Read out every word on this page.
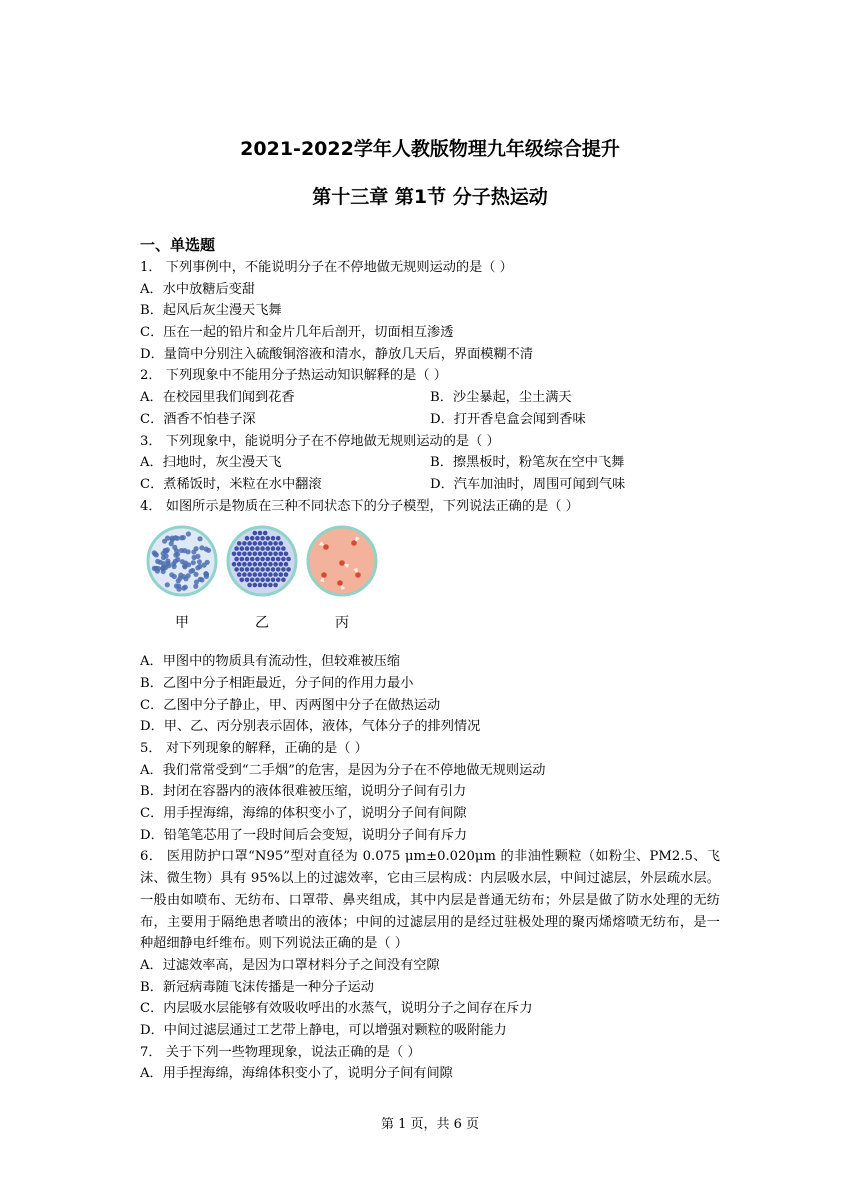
2021-2022学年人教版物理九年级综合提升
第十三章 第1节 分子热运动
一、单选题
1． 下列事例中，不能说明分子在不停地做无规则运动的是（ ）
A．水中放糖后变甜
B．起风后灰尘漫天飞舞
C．压在一起的铅片和金片几年后剖开，切面相互渗透
D．量筒中分别注入硫酸铜溶液和清水，静放几天后，界面模糊不清
2． 下列现象中不能用分子热运动知识解释的是（ ）
A．在校园里我们闻到花香	B．沙尘暴起，尘土满天
C．酒香不怕巷子深	D．打开香皂盒会闻到香味
3． 下列现象中，能说明分子在不停地做无规则运动的是（ ）
A．扫地时，灰尘漫天飞	B．擦黑板时，粉笔灰在空中飞舞
C．煮稀饭时，米粒在水中翻滚	D．汽车加油时，周围可闻到气味
4． 如图所示是物质在三种不同状态下的分子模型，下列说法正确的是（ ）
甲	乙	丙
A．甲图中的物质具有流动性，但较难被压缩
B．乙图中分子相距最近，分子间的作用力最小
C．乙图中分子静止，甲、丙两图中分子在做热运动
D．甲、乙、丙分别表示固体，液体，气体分子的排列情况
5． 对下列现象的解释，正确的是（ ）
A．我们常常受到“二手烟”的危害，是因为分子在不停地做无规则运动
B．封闭在容器内的液体很难被压缩，说明分子间有引力
C．用手捏海绵，海绵的体积变小了，说明分子间有间隙
D．铅笔笔芯用了一段时间后会变短，说明分子间有斥力
6． 医用防护口罩“N95”型对直径为 0.075 μm±0.020μm 的非油性颗粒（如粉尘、PM2.5、飞沫、微生物）具有 95%以上的过滤效率，它由三层构成：内层吸水层，中间过滤层，外层疏水层。一般由如喷布、无纺布、口罩带、鼻夹组成，其中内层是普通无纺布；外层是做了防水处理的无纺布，主要用于隔绝患者喷出的液体；中间的过滤层用的是经过驻极处理的聚丙烯熔喷无纺布，是一种超细静电纤维布。则下列说法正确的是（ ）
A．过滤效率高，是因为口罩材料分子之间没有空隙
B．新冠病毒随飞沫传播是一种分子运动
C．内层吸水层能够有效吸收呼出的水蒸气，说明分子之间存在斥力
D．中间过滤层通过工艺带上静电，可以增强对颗粒的吸附能力
7． 关于下列一些物理现象，说法正确的是（ ）
A．用手捏海绵，海绵体积变小了，说明分子间有间隙
第 1 页，共 6 页
